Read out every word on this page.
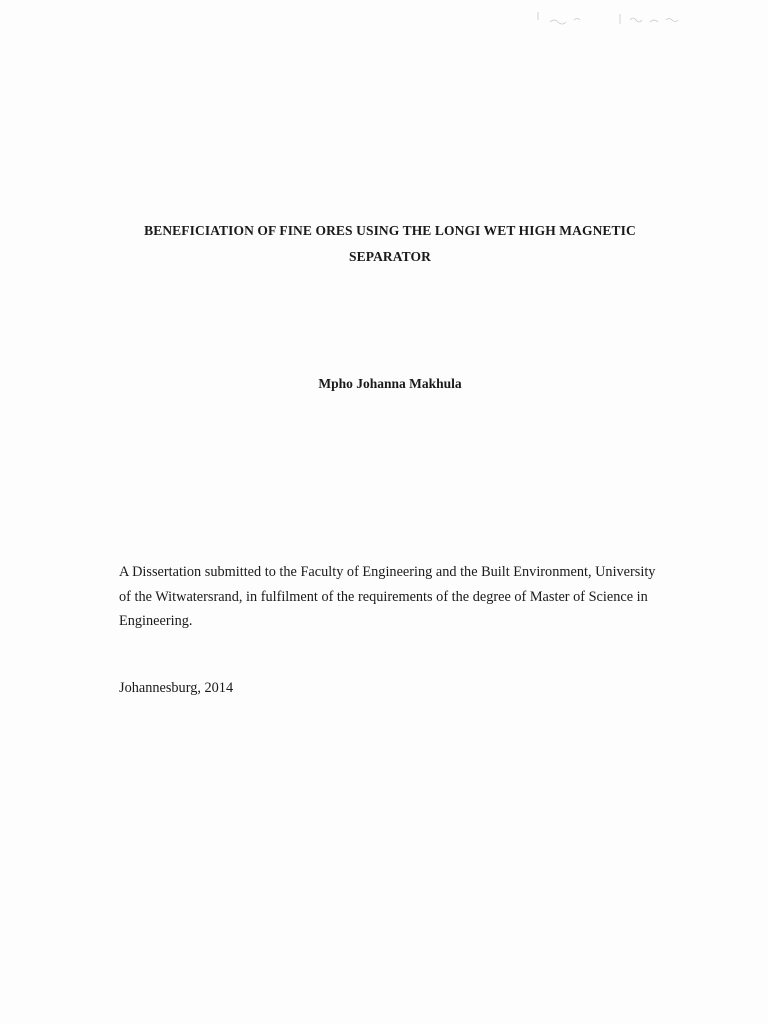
BENEFICIATION OF FINE ORES USING THE LONGI WET HIGH MAGNETIC
SEPARATOR
Mpho Johanna Makhula
A Dissertation submitted to the Faculty of Engineering and the Built Environment, University
of the Witwatersrand, in fulfilment of the requirements of the degree of Master of Science in
Engineering.
Johannesburg, 2014
